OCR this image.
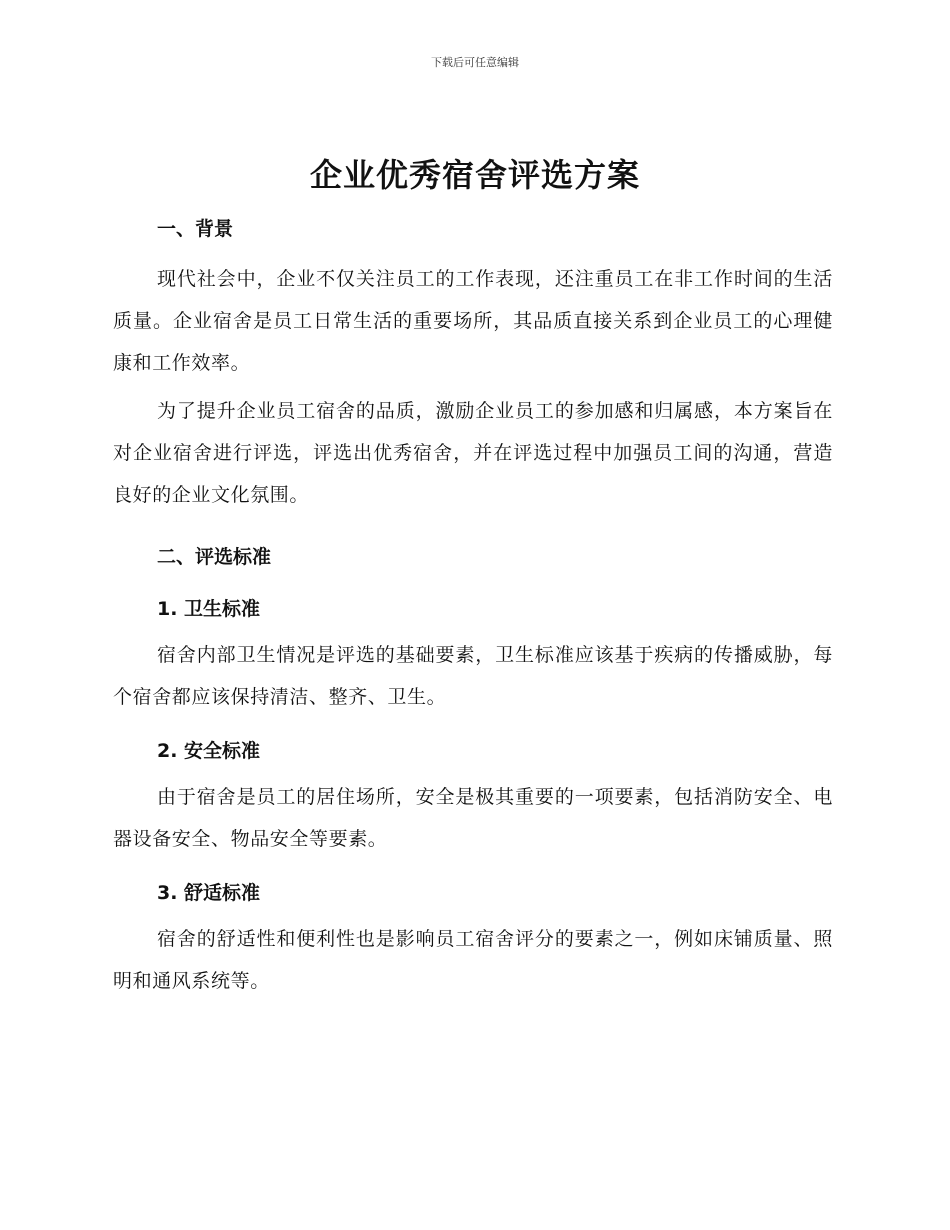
下载后可任意编辑
企业优秀宿舍评选方案
一、背景

现代社会中，企业不仅关注员工的工作表现，还注重员工在非工作时间的生活质量。企业宿舍是员工日常生活的重要场所，其品质直接关系到企业员工的心理健康和工作效率。

为了提升企业员工宿舍的品质，激励企业员工的参加感和归属感，本方案旨在对企业宿舍进行评选，评选出优秀宿舍，并在评选过程中加强员工间的沟通，营造良好的企业文化氛围。

二、评选标准
1. 卫生标准

宿舍内部卫生情况是评选的基础要素，卫生标准应该基于疾病的传播威胁，每个宿舍都应该保持清洁、整齐、卫生。

2. 安全标准

由于宿舍是员工的居住场所，安全是极其重要的一项要素，包括消防安全、电器设备安全、物品安全等要素。

3. 舒适标准

宿舍的舒适性和便利性也是影响员工宿舍评分的要素之一，例如床铺质量、照明和通风系统等。
